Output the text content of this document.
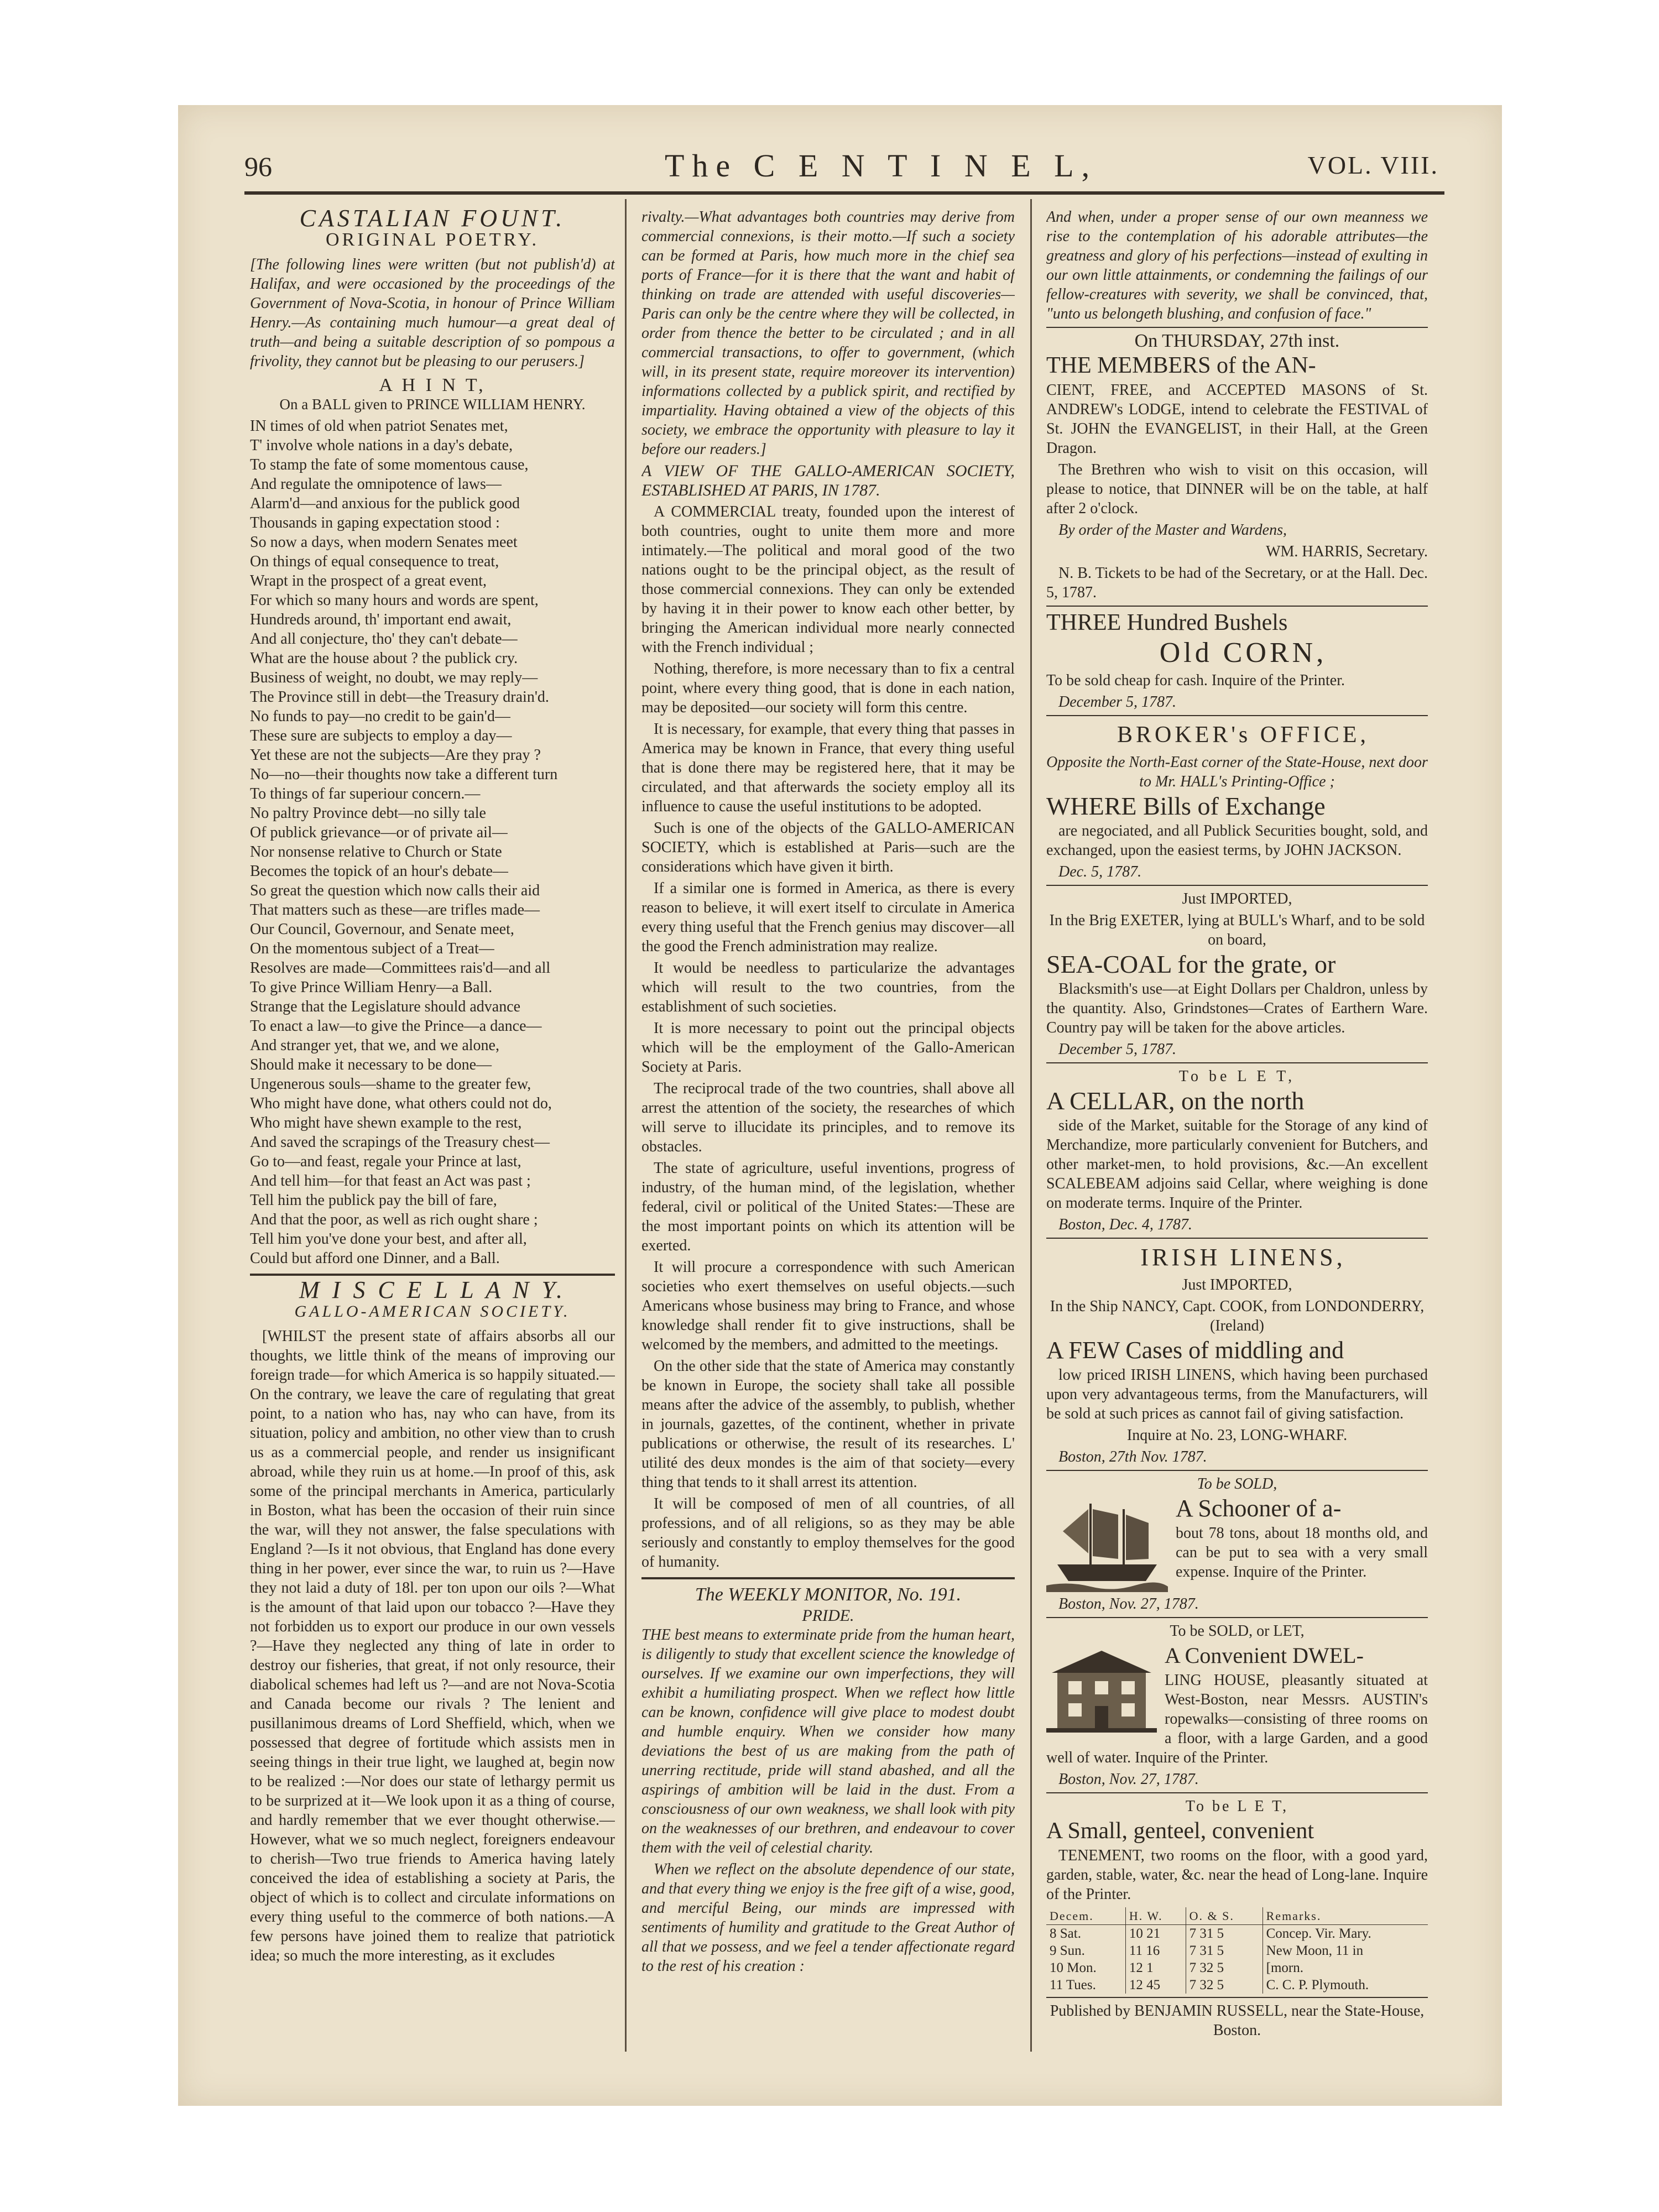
96	The C E N T I N E L,	VOL. VIII.
CASTALIAN FOUNT.
ORIGINAL POETRY.

[The following lines were written (but not publish'd) at Halifax, and were occasioned by the proceedings of the Government of Nova-Scotia, in honour of Prince William Henry.—As containing much humour—a great deal of truth—and being a suitable description of so pompous a frivolity, they cannot but be pleasing to our perusers.]

A H I N T,

On a BALL given to PRINCE WILLIAM HENRY.

IN times of old when patriot Senates met,

T' involve whole nations in a day's debate,

To stamp the fate of some momentous cause,

And regulate the omnipotence of laws—

Alarm'd—and anxious for the publick good

Thousands in gaping expectation stood :

So now a days, when modern Senates meet

On things of equal consequence to treat,

Wrapt in the prospect of a great event,

For which so many hours and words are spent,

Hundreds around, th' important end await,

And all conjecture, tho' they can't debate—

What are the house about ? the publick cry.

Business of weight, no doubt, we may reply—

The Province still in debt—the Treasury drain'd.

No funds to pay—no credit to be gain'd—

These sure are subjects to employ a day—

Yet these are not the subjects—Are they pray ?

No—no—their thoughts now take a different turn

To things of far superiour concern.—

No paltry Province debt—no silly tale

Of publick grievance—or of private ail—

Nor nonsense relative to Church or State

Becomes the topick of an hour's debate—

So great the question which now calls their aid

That matters such as these—are trifles made—

Our Council, Governour, and Senate meet,

On the momentous subject of a Treat—

Resolves are made—Committees rais'd—and all

To give Prince William Henry—a Ball.

Strange that the Legislature should advance

To enact a law—to give the Prince—a dance—

And stranger yet, that we, and we alone,

Should make it necessary to be done—

Ungenerous souls—shame to the greater few,

Who might have done, what others could not do,

Who might have shewn example to the rest,

And saved the scrapings of the Treasury chest—

Go to—and feast, regale your Prince at last,

And tell him—for that feast an Act was past ;

Tell him the publick pay the bill of fare,

And that the poor, as well as rich ought share ;

Tell him you've done your best, and after all,

Could but afford one Dinner, and a Ball.

M I S C E L L A N Y.
GALLO-AMERICAN SOCIETY.

[WHILST the present state of affairs absorbs all our thoughts, we little think of the means of improving our foreign trade—for which America is so happily situated.—On the contrary, we leave the care of regulating that great point, to a nation who has, nay who can have, from its situation, policy and ambition, no other view than to crush us as a commercial people, and render us insignificant abroad, while they ruin us at home.—In proof of this, ask some of the principal merchants in America, particularly in Boston, what has been the occasion of their ruin since the war, will they not answer, the false speculations with England ?—Is it not obvious, that England has done every thing in her power, ever since the war, to ruin us ?—Have they not laid a duty of 18l. per ton upon our oils ?—What is the amount of that laid upon our tobacco ?—Have they not forbidden us to export our produce in our own vessels ?—Have they neglected any thing of late in order to destroy our fisheries, that great, if not only resource, their diabolical schemes had left us ?—and are not Nova-Scotia and Canada become our rivals ? The lenient and pusillanimous dreams of Lord Sheffield, which, when we possessed that degree of fortitude which assists men in seeing things in their true light, we laughed at, begin now to be realized :—Nor does our state of lethargy permit us to be surprized at it—We look upon it as a thing of course, and hardly remember that we ever thought otherwise.—However, what we so much neglect, foreigners endeavour to cherish—Two true friends to America having lately conceived the idea of establishing a society at Paris, the object of which is to collect and circulate informations on every thing useful to the commerce of both nations.—A few persons have joined them to realize that patriotick idea; so much the more interesting, as it excludes

rivalty.—What advantages both countries may derive from commercial connexions, is their motto.—If such a society can be formed at Paris, how much more in the chief sea ports of France—for it is there that the want and habit of thinking on trade are attended with useful discoveries—Paris can only be the centre where they will be collected, in order from thence the better to be circulated ; and in all commercial transactions, to offer to government, (which will, in its present state, require moreover its intervention) informations collected by a publick spirit, and rectified by impartiality. Having obtained a view of the objects of this society, we embrace the opportunity with pleasure to lay it before our readers.]

A VIEW OF THE GALLO-AMERICAN SOCIETY, ESTABLISHED AT PARIS, IN 1787.

A COMMERCIAL treaty, founded upon the interest of both countries, ought to unite them more and more intimately.—The political and moral good of the two nations ought to be the principal object, as the result of those commercial connexions. They can only be extended by having it in their power to know each other better, by bringing the American individual more nearly connected with the French individual ;

Nothing, therefore, is more necessary than to fix a central point, where every thing good, that is done in each nation, may be deposited—our society will form this centre.

It is necessary, for example, that every thing that passes in America may be known in France, that every thing useful that is done there may be registered here, that it may be circulated, and that afterwards the society employ all its influence to cause the useful institutions to be adopted.

Such is one of the objects of the GALLO-AMERICAN SOCIETY, which is established at Paris—such are the considerations which have given it birth.

If a similar one is formed in America, as there is every reason to believe, it will exert itself to circulate in America every thing useful that the French genius may discover—all the good the French administration may realize.

It would be needless to particularize the advantages which will result to the two countries, from the establishment of such societies.

It is more necessary to point out the principal objects which will be the employment of the Gallo-American Society at Paris.

The reciprocal trade of the two countries, shall above all arrest the attention of the society, the researches of which will serve to illucidate its principles, and to remove its obstacles.

The state of agriculture, useful inventions, progress of industry, of the human mind, of the legislation, whether federal, civil or political of the United States:—These are the most important points on which its attention will be exerted.

It will procure a correspondence with such American societies who exert themselves on useful objects.—such Americans whose business may bring to France, and whose knowledge shall render fit to give instructions, shall be welcomed by the members, and admitted to the meetings.

On the other side that the state of America may constantly be known in Europe, the society shall take all possible means after the advice of the assembly, to publish, whether in journals, gazettes, of the continent, whether in private publications or otherwise, the result of its researches. L' utilité des deux mondes is the aim of that society—every thing that tends to it shall arrest its attention.

It will be composed of men of all countries, of all professions, and of all religions, so as they may be able seriously and constantly to employ themselves for the good of humanity.

The WEEKLY MONITOR, No. 191.
PRIDE.

THE best means to exterminate pride from the human heart, is diligently to study that excellent science the knowledge of ourselves. If we examine our own imperfections, they will exhibit a humiliating prospect. When we reflect how little can be known, confidence will give place to modest doubt and humble enquiry. When we consider how many deviations the best of us are making from the path of unerring rectitude, pride will stand abashed, and all the aspirings of ambition will be laid in the dust. From a consciousness of our own weakness, we shall look with pity on the weaknesses of our brethren, and endeavour to cover them with the veil of celestial charity.

When we reflect on the absolute dependence of our state, and that every thing we enjoy is the free gift of a wise, good, and merciful Being, our minds are impressed with sentiments of humility and gratitude to the Great Author of all that we possess, and we feel a tender affectionate regard to the rest of his creation :

And when, under a proper sense of our own meanness we rise to the contemplation of his adorable attributes—the greatness and glory of his perfections—instead of exulting in our own little attainments, or condemning the failings of our fellow-creatures with severity, we shall be convinced, that, "unto us belongeth blushing, and confusion of face."

On THURSDAY, 27th inst.

THE MEMBERS of the AN-

CIENT, FREE, and ACCEPTED MASONS of St. ANDREW's LODGE, intend to celebrate the FESTIVAL of St. JOHN the EVANGELIST, in their Hall, at the Green Dragon.

The Brethren who wish to visit on this occasion, will please to notice, that DINNER will be on the table, at half after 2 o'clock.

By order of the Master and Wardens,

WM. HARRIS, Secretary.

N. B. Tickets to be had of the Secretary, or at the Hall. Dec. 5, 1787.

THREE Hundred Bushels

Old CORN,

To be sold cheap for cash. Inquire of the Printer.

December 5, 1787.

BROKER's OFFICE,

Opposite the North-East corner of the State-House, next door to Mr. HALL's Printing-Office ;

WHERE Bills of Exchange

are negociated, and all Publick Securities bought, sold, and exchanged, upon the easiest terms, by JOHN JACKSON.

Dec. 5, 1787.

Just IMPORTED,

In the Brig EXETER, lying at BULL's Wharf, and to be sold on board,

SEA-COAL for the grate, or

Blacksmith's use—at Eight Dollars per Chaldron, unless by the quantity. Also, Grindstones—Crates of Earthern Ware. Country pay will be taken for the above articles.

December 5, 1787.

To be L E T,

A CELLAR, on the north

side of the Market, suitable for the Storage of any kind of Merchandize, more particularly convenient for Butchers, and other market-men, to hold provisions, &c.—An excellent SCALEBEAM adjoins said Cellar, where weighing is done on moderate terms. Inquire of the Printer.

Boston, Dec. 4, 1787.

IRISH LINENS,

Just IMPORTED,

In the Ship NANCY, Capt. COOK, from LONDONDERRY, (Ireland)

A FEW Cases of middling and

low priced IRISH LINENS, which having been purchased upon very advantageous terms, from the Manufacturers, will be sold at such prices as cannot fail of giving satisfaction.

Inquire at No. 23, LONG-WHARF.

Boston, 27th Nov. 1787.

To be SOLD,

A Schooner of a-

bout 78 tons, about 18 months old, and can be put to sea with a very small expense. Inquire of the Printer.

Boston, Nov. 27, 1787.

To be SOLD, or LET,

A Convenient DWEL-

LING HOUSE, pleasantly situated at West-Boston, near Messrs. AUSTIN's ropewalks—consisting of three rooms on a floor, with a large Garden, and a good well of water. Inquire of the Printer.

Boston, Nov. 27, 1787.

To be L E T,

A Small, genteel, convenient

TENEMENT, two rooms on the floor, with a good yard, garden, stable, water, &c. near the head of Long-lane. Inquire of the Printer.

Decem.	H. W.	O. & S.	Remarks.
8 Sat.	10 21	7 31 5	Concep. Vir. Mary.
9 Sun.	11 16	7 31 5	New Moon, 11 in
10 Mon.	12 1	7 32 5	[morn.
11 Tues.	12 45	7 32 5	C. C. P. Plymouth.

Published by BENJAMIN RUSSELL, near the State-House, Boston.
